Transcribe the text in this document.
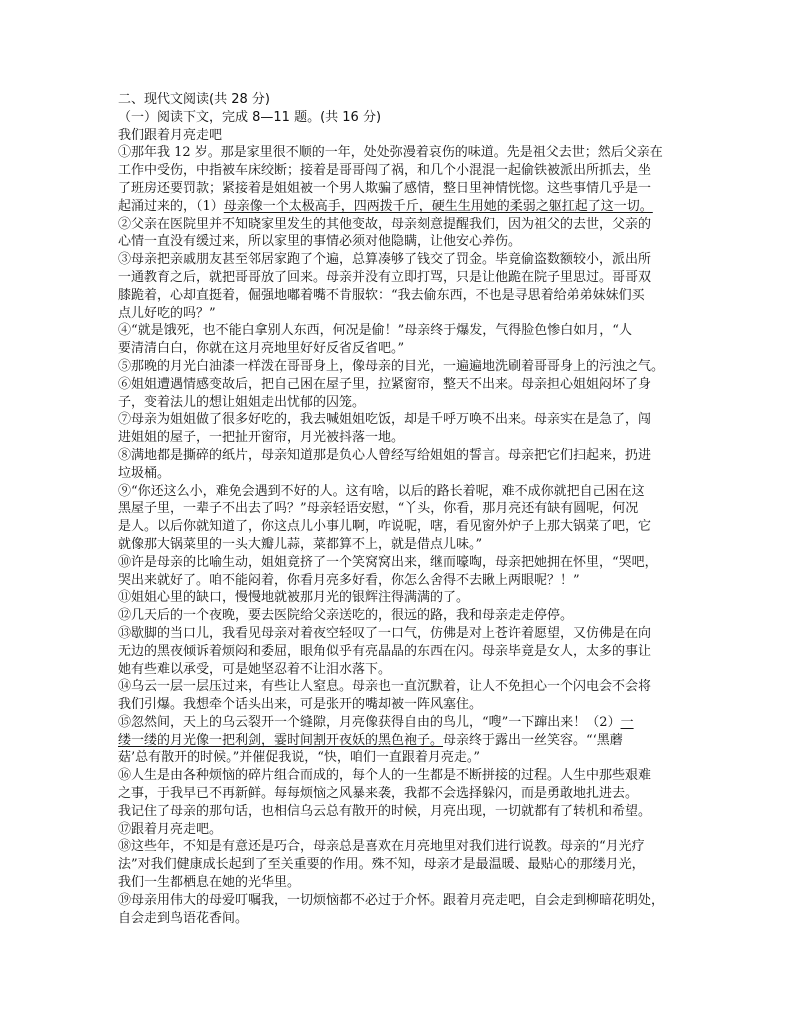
二、现代文阅读(共 28 分)
（一）阅读下文，完成 8—11 题。(共 16 分)
我们跟着月亮走吧
①那年我 12 岁。那是家里很不顺的一年，处处弥漫着哀伤的味道。先是祖父去世；然后父亲在
工作中受伤，中指被车床绞断；接着是哥哥闯了祸，和几个小混混一起偷铁被派出所抓去，坐
了班房还要罚款；紧接着是姐姐被一个男人欺骗了感情，整日里神情恍惚。这些事情几乎是一
起涌过来的，（1）母亲像一个太极高手，四两拨千斤，硬生生用她的柔弱之躯扛起了这一切。
②父亲在医院里并不知晓家里发生的其他变故，母亲刻意提醒我们，因为祖父的去世，父亲的
心情一直没有缓过来，所以家里的事情必须对他隐瞒，让他安心养伤。
③母亲把亲戚朋友甚至邻居家跑了个遍，总算凑够了钱交了罚金。毕竟偷盗数额较小，派出所
一通教育之后，就把哥哥放了回来。母亲并没有立即打骂，只是让他跪在院子里思过。哥哥双
膝跪着，心却直挺着，倔强地嘟着嘴不肯服软：“我去偷东西，不也是寻思着给弟弟妹妹们买
点儿好吃的吗？”
④“就是饿死，也不能白拿别人东西，何况是偷！”母亲终于爆发，气得脸色惨白如月，“人
要清清白白，你就在这月亮地里好好反省反省吧。”
⑤那晚的月光白油漆一样泼在哥哥身上，像母亲的目光，一遍遍地洗刷着哥哥身上的污浊之气。
⑥姐姐遭遇情感变故后，把自己困在屋子里，拉紧窗帘，整天不出来。母亲担心姐姐闷坏了身
子，变着法儿的想让姐姐走出忧郁的囚笼。
⑦母亲为姐姐做了很多好吃的，我去喊姐姐吃饭，却是千呼万唤不出来。母亲实在是急了，闯
进姐姐的屋子，一把扯开窗帘，月光被抖落一地。
⑧满地都是撕碎的纸片，母亲知道那是负心人曾经写给姐姐的誓言。母亲把它们扫起来，扔进
垃圾桶。
⑨“你还这么小，难免会遇到不好的人。这有啥，以后的路长着呢，难不成你就把自己困在这
黑屋子里，一辈子不出去了吗？”母亲轻语安慰，“丫头，你看，那月亮还有缺有圆呢，何况
是人。以后你就知道了，你这点儿小事儿啊，咋说呢，嗐，看见窗外炉子上那大锅菜了吧，它
就像那大锅菜里的一头大瓣儿蒜，菜都算不上，就是借点儿味。”
⑩许是母亲的比喻生动，姐姐竟挤了一个笑窝窝出来，继而嚎啕，母亲把她拥在怀里，“哭吧，
哭出来就好了。咱不能闷着，你看月亮多好看，你怎么舍得不去瞅上两眼呢？！”
⑪姐姐心里的缺口，慢慢地就被那月光的银辉注得满满的了。
⑫几天后的一个夜晚，要去医院给父亲送吃的，很远的路，我和母亲走走停停。
⑬歇脚的当口儿，我看见母亲对着夜空轻叹了一口气，仿佛是对上苍许着愿望，又仿佛是在向
无边的黑夜倾诉着烦闷和委屈，眼角似乎有亮晶晶的东西在闪。母亲毕竟是女人，太多的事让
她有些难以承受，可是她坚忍着不让泪水落下。
⑭乌云一层一层压过来，有些让人窒息。母亲也一直沉默着，让人不免担心一个闪电会不会将
我们引爆。我想牵个话头出来，可是张开的嘴却被一阵风塞住。
⑮忽然间，天上的乌云裂开一个缝隙，月亮像获得自由的鸟儿，“嗖”一下蹿出来！（2）一
缕一缕的月光像一把利剑，霎时间割开夜妖的黑色袍子。母亲终于露出一丝笑容。“‘黑蘑
菇’总有散开的时候。”并催促我说，“快，咱们一直跟着月亮走。”
⑯人生是由各种烦恼的碎片组合而成的，每个人的一生都是不断拼接的过程。人生中那些艰难
之事，于我早已不再新鲜。每每烦恼之风暴来袭，我都不会选择躲闪，而是勇敢地扎进去。
我记住了母亲的那句话，也相信乌云总有散开的时候，月亮出现，一切就都有了转机和希望。
⑰跟着月亮走吧。
⑱这些年，不知是有意还是巧合，母亲总是喜欢在月亮地里对我们进行说教。母亲的“月光疗
法”对我们健康成长起到了至关重要的作用。殊不知，母亲才是最温暖、最贴心的那缕月光，
我们一生都栖息在她的光华里。
⑲母亲用伟大的母爱叮嘱我，一切烦恼都不必过于介怀。跟着月亮走吧，自会走到柳暗花明处，
自会走到鸟语花香间。
